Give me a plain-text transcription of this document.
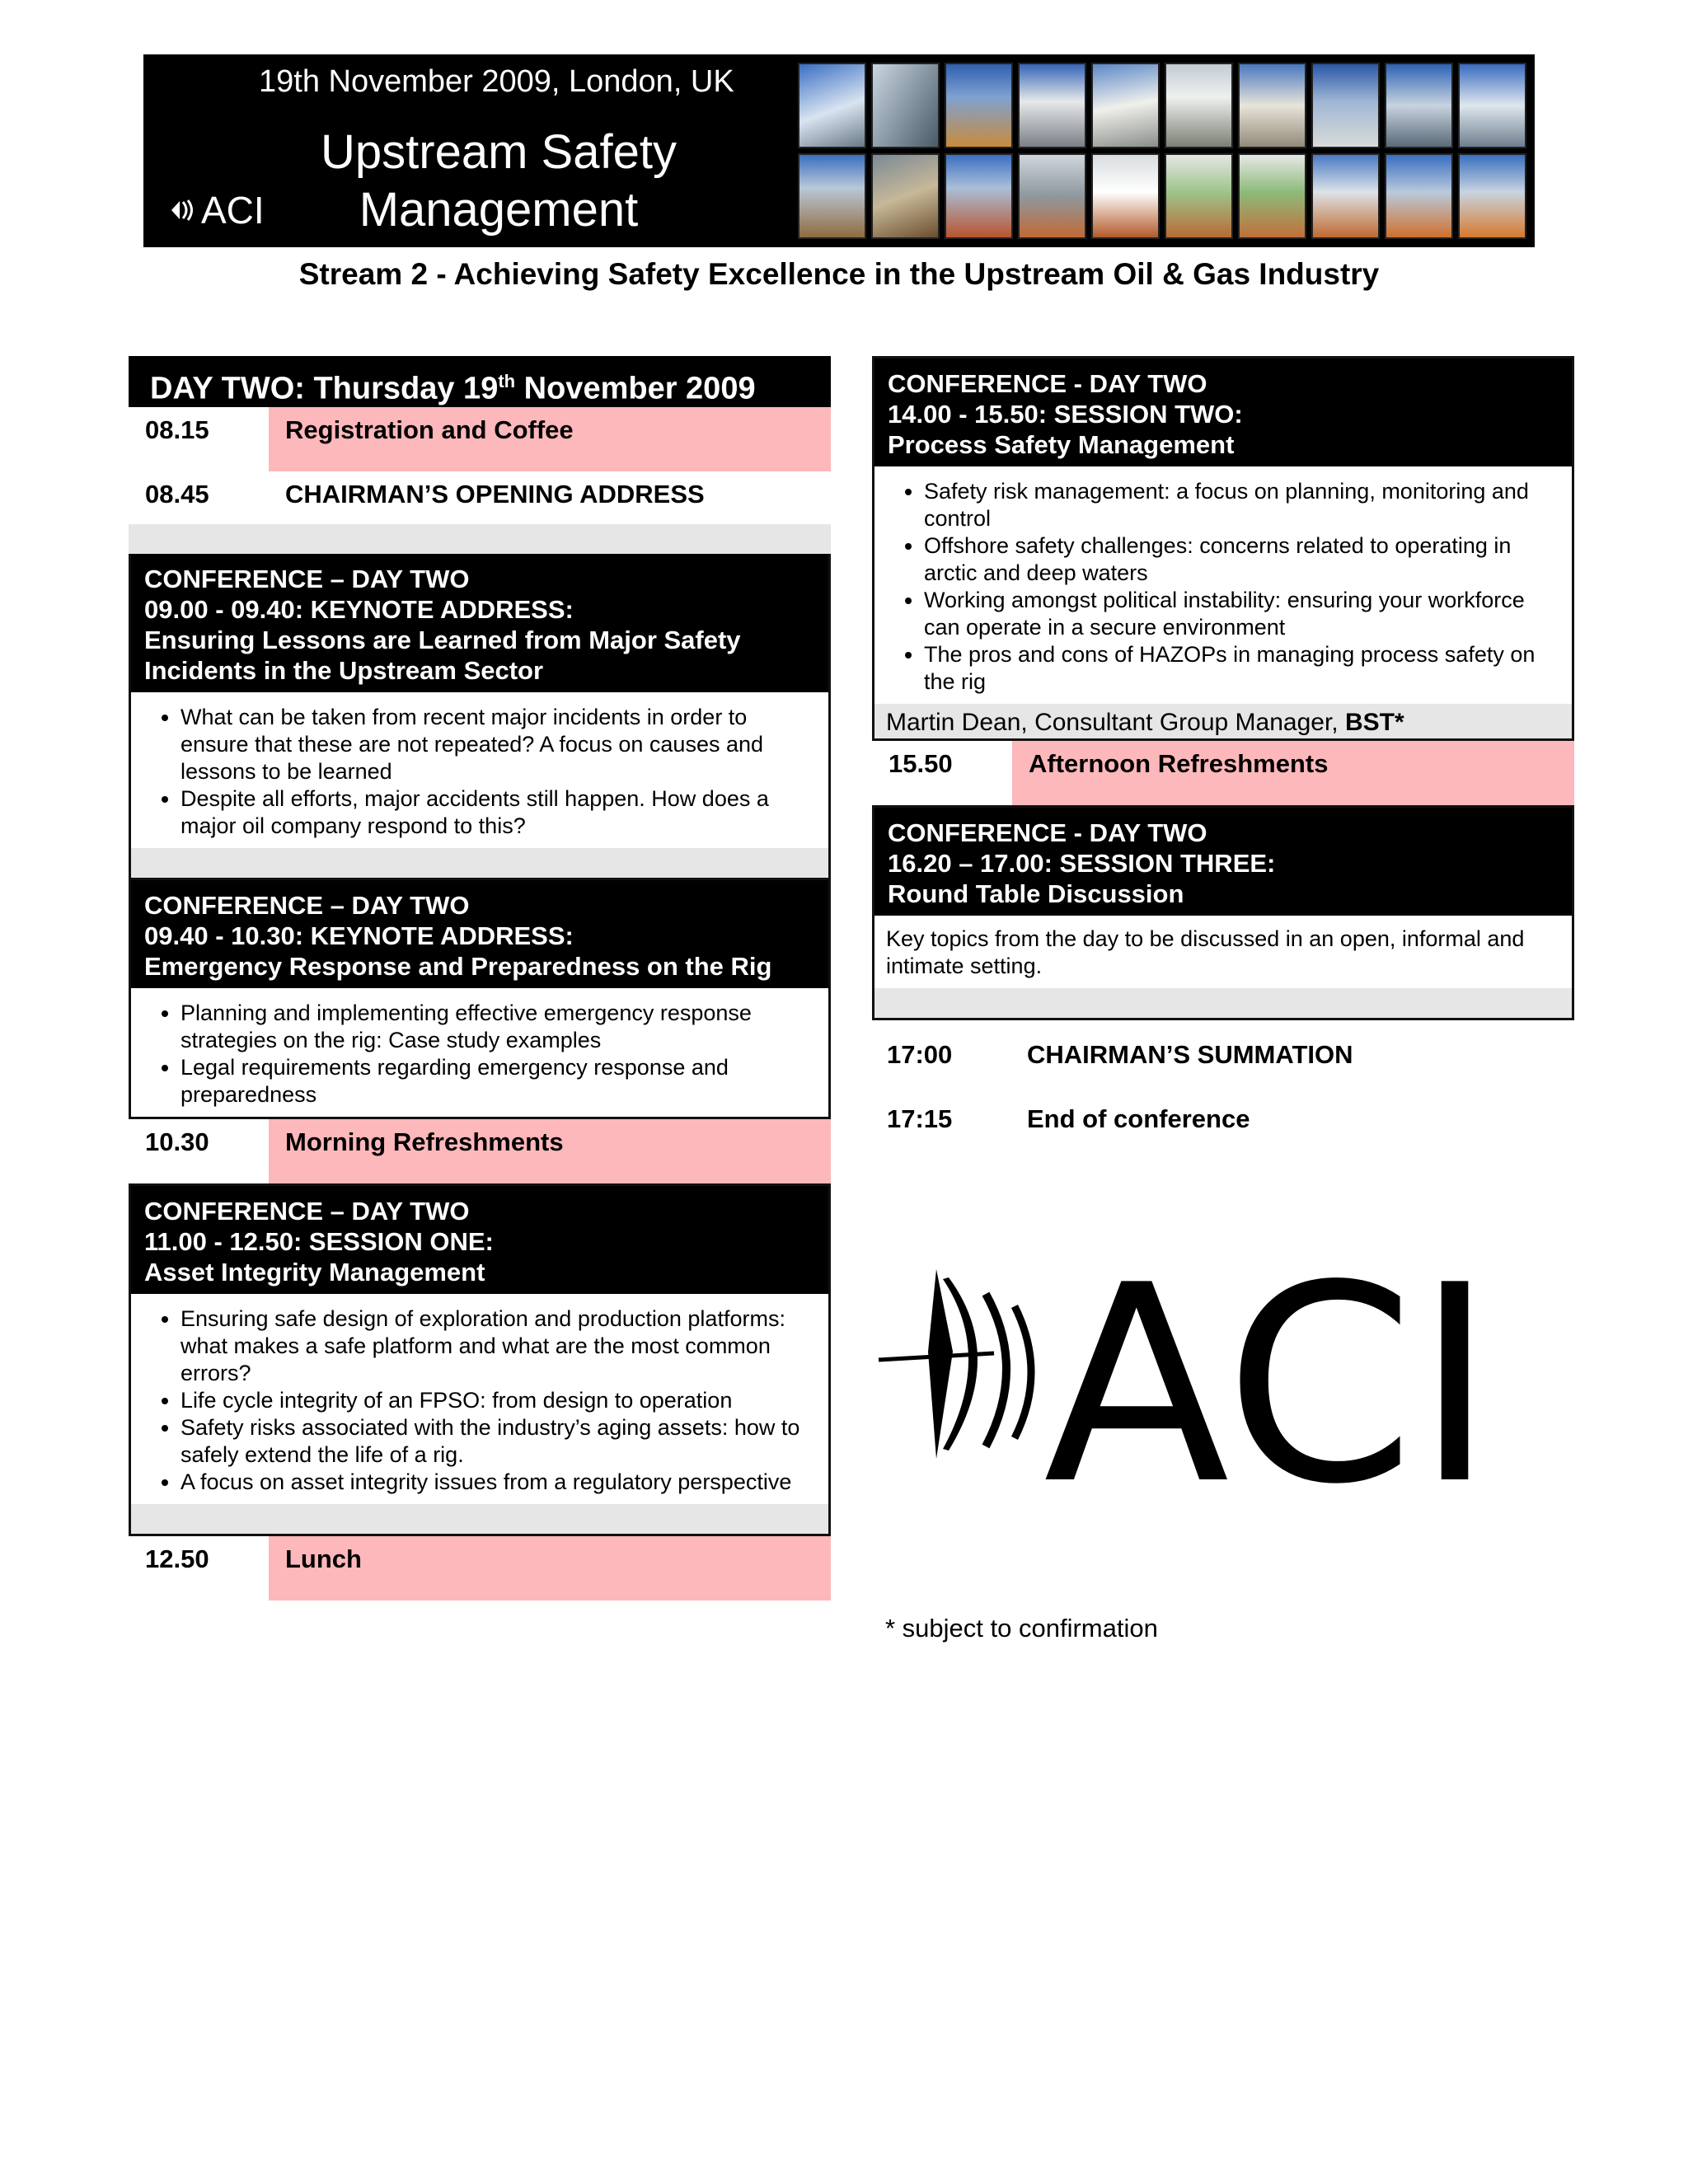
19th November 2009, London, UK
Upstream Safety
Management
ACI
Stream 2 - Achieving Safety Excellence in the Upstream Oil & Gas Industry
DAY TWO: Thursday 19th November 2009
08.15	Registration and Coffee
08.45	CHAIRMAN’S OPENING ADDRESS
CONFERENCE – DAY TWO
09.00 - 09.40: KEYNOTE ADDRESS:
Ensuring Lessons are Learned from Major Safety
Incidents in the Upstream Sector
• What can be taken from recent major incidents in order to ensure that these are not repeated? A focus on causes and lessons to be learned
• Despite all efforts, major accidents still happen. How does a major oil company respond to this?
CONFERENCE – DAY TWO
09.40 - 10.30: KEYNOTE ADDRESS:
Emergency Response and Preparedness on the Rig
• Planning and implementing effective emergency response strategies on the rig: Case study examples
• Legal requirements regarding emergency response and preparedness
10.30	Morning Refreshments
CONFERENCE – DAY TWO
11.00 - 12.50: SESSION ONE:
Asset Integrity Management
• Ensuring safe design of exploration and production platforms: what makes a safe platform and what are the most common errors?
• Life cycle integrity of an FPSO: from design to operation
• Safety risks associated with the industry’s aging assets: how to safely extend the life of a rig.
• A focus on asset integrity issues from a regulatory perspective
12.50	Lunch
CONFERENCE - DAY TWO
14.00 - 15.50: SESSION TWO:
Process Safety Management
• Safety risk management: a focus on planning, monitoring and control
• Offshore safety challenges: concerns related to operating in arctic and deep waters
• Working amongst political instability: ensuring your workforce can operate in a secure environment
• The pros and cons of HAZOPs in managing process safety on the rig
Martin Dean, Consultant Group Manager, BST*
15.50	Afternoon Refreshments
CONFERENCE - DAY TWO
16.20 – 17.00: SESSION THREE:
Round Table Discussion
Key topics from the day to be discussed in an open, informal and intimate setting.
17:00	CHAIRMAN’S SUMMATION
17:15	End of conference
ACI
* subject to confirmation
